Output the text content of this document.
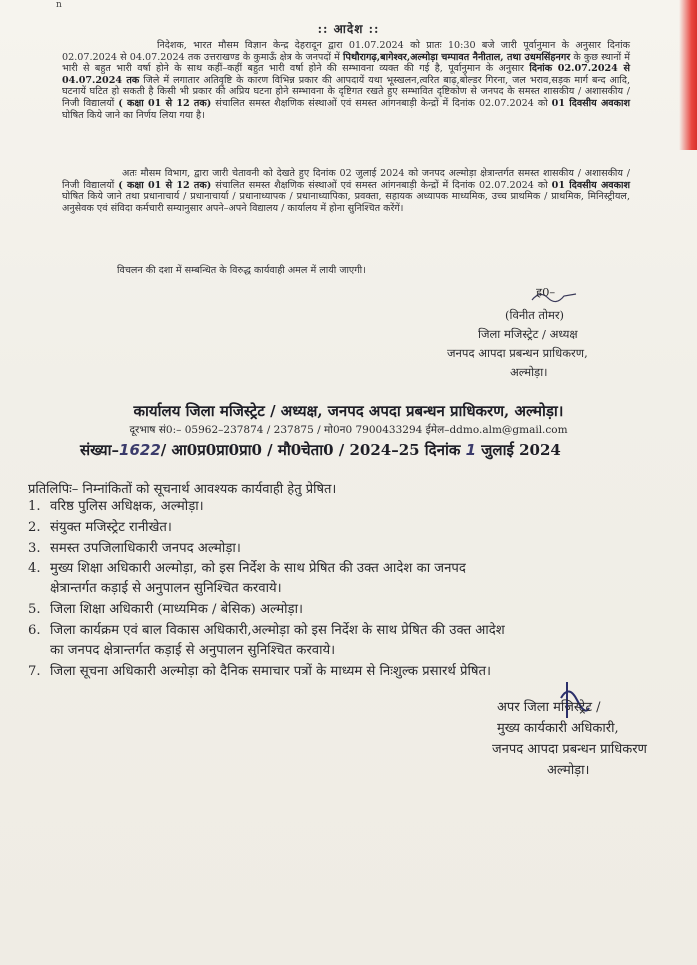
n
:: आदेश ::
निदेशक, भारत मौसम विज्ञान केन्द्र देहरादून द्वारा 01.07.2024 को प्रातः 10:30 बजे जारी पूर्वानुमान के अनुसार दिनांक 02.07.2024 से 04.07.2024 तक उत्तराखण्ड के कुमाऊँ क्षेत्र के जनपदों में पिथौरागढ़,बागेश्वर,अल्मोड़ा चम्पावत नैनीताल, तथा उधमसिंहनगर के कुछ स्थानों में भारी से बहुत भारी वर्षा होने के साथ कहीं–कहीं बहुत भारी वर्षा होने की सम्भावना व्यक्त की गई है, पूर्वानुमान के अनुसार दिनांक 02.07.2024 से 04.07.2024 तक जिले में लगातार अतिवृष्टि के कारण विभिन्न प्रकार की आपदायें यथा भूस्खलन,त्वरित बाढ़,बोल्डर गिरना, जल भराव,सड़क मार्ग बन्द आदि, घटनायें घटित हो सकती है किसी भी प्रकार की अप्रिय घटना होने सम्भावना के दृष्टिगत रखते हुए सम्भावित दृष्टिकोण से जनपद के समस्त शासकीय / अशासकीय / निजी विद्यालयों ( कक्षा 01 से 12 तक) संचालित समस्त शैक्षणिक संस्थाओं एवं समस्त आंगनबाड़ी केन्द्रों में दिनांक 02.07.2024 को 01 दिवसीय अवकाश घोषित किये जाने का निर्णय लिया गया है।
अतः मौसम विभाग, द्वारा जारी चेतावनी को देखते हुए दिनांक 02 जुलाई 2024 को जनपद अल्मोड़ा क्षेत्रान्तर्गत समस्त शासकीय / अशासकीय / निजी विद्यालयों ( कक्षा 01 से 12 तक) संचालित समस्त शैक्षणिक संस्थाओं एवं समस्त आंगनबाड़ी केन्द्रों में दिनांक 02.07.2024 को 01 दिवसीय अवकाश घोषित किये जाने तथा प्रधानाचार्य / प्रधानाचार्या / प्रधानाध्यापक / प्रधानाध्यापिका, प्रवक्ता, सहायक अध्यापक माध्यमिक, उच्च प्राथमिक / प्राथमिक, मिनिस्ट्रीयल, अनुसेवक एवं संविदा कर्मचारी सम्यानुसार अपने–अपने विद्यालय / कार्यालय में होना सुनिश्चित करेंगें।
विचलन की दशा में सम्बन्धित के विरुद्ध कार्यवाही अमल में लायी जाएगी।
ह0–
(विनीत तोमर)
जिला मजिस्ट्रेट / अध्यक्ष
जनपद आपदा प्रबन्धन प्राधिकरण,
अल्मोड़ा।
कार्यालय जिला मजिस्ट्रेट / अध्यक्ष, जनपद अपदा प्रबन्धन प्राधिकरण, अल्मोड़ा।
दूरभाष सं0:– 05962–237874 / 237875 / मो0न0 7900433294 ईमेल–ddmo.alm@gmail.com
संख्या–1622/ आ0प्र0प्रा0प्रा0 / मौ0चेता0 / 2024–25 दिनांक 1 जुलाई 2024
प्रतिलिपिः– निम्नांकितों को सूचनार्थ आवश्यक कार्यवाही हेतु प्रेषित।
1. वरिष्ठ पुलिस अधिक्षक, अल्मोड़ा।
2. संयुक्त मजिस्ट्रेट रानीखेत।
3. समस्त उपजिलाधिकारी जनपद अल्मोड़ा।
4. मुख्य शिक्षा अधिकारी अल्मोड़ा, को इस निर्देश के साथ प्रेषित की उक्त आदेश का जनपद
क्षेत्रान्तर्गत कड़ाई से अनुपालन सुनिश्चित करवाये।
5. जिला शिक्षा अधिकारी (माध्यमिक / बेसिक) अल्मोड़ा।
6. जिला कार्यक्रम एवं बाल विकास अधिकारी,अल्मोड़ा को इस निर्देश के साथ प्रेषित की उक्त आदेश
का जनपद क्षेत्रान्तर्गत कड़ाई से अनुपालन सुनिश्चित करवाये।
7. जिला सूचना अधिकारी अल्मोड़ा को दैनिक समाचार पत्रों के माध्यम से निःशुल्क प्रसारर्थ प्रेषित।
अपर जिला मजिस्ट्रेट /
मुख्य कार्यकारी अधिकारी,
जनपद आपदा प्रबन्धन प्राधिकरण
अल्मोड़ा।
